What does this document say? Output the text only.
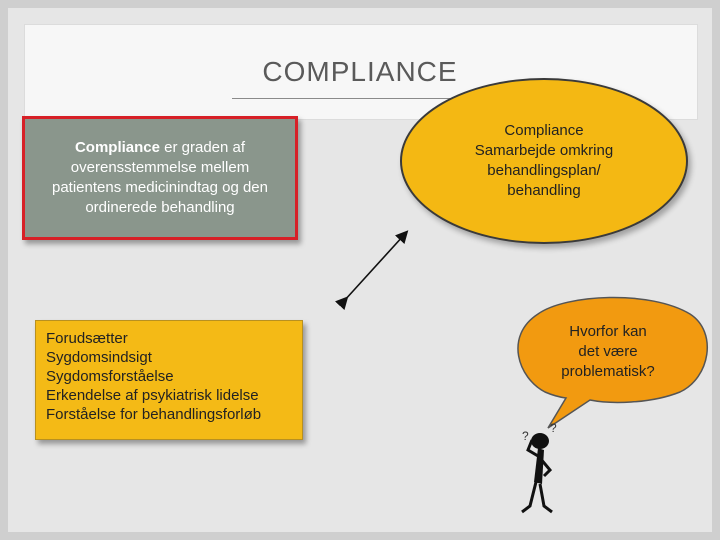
COMPLIANCE
Compliance er graden af
overensstemmelse mellem
patientens medicinindtag og den
ordinerede behandling
Forudsætter
Sygdomsindsigt
Sygdomsforståelse
Erkendelse af psykiatrisk lidelse
Forståelse for behandlingsforløb
Compliance
Samarbejde omkring
behandlingsplan/
behandling
Hvorfor kan
det være
problematisk?
?
?
